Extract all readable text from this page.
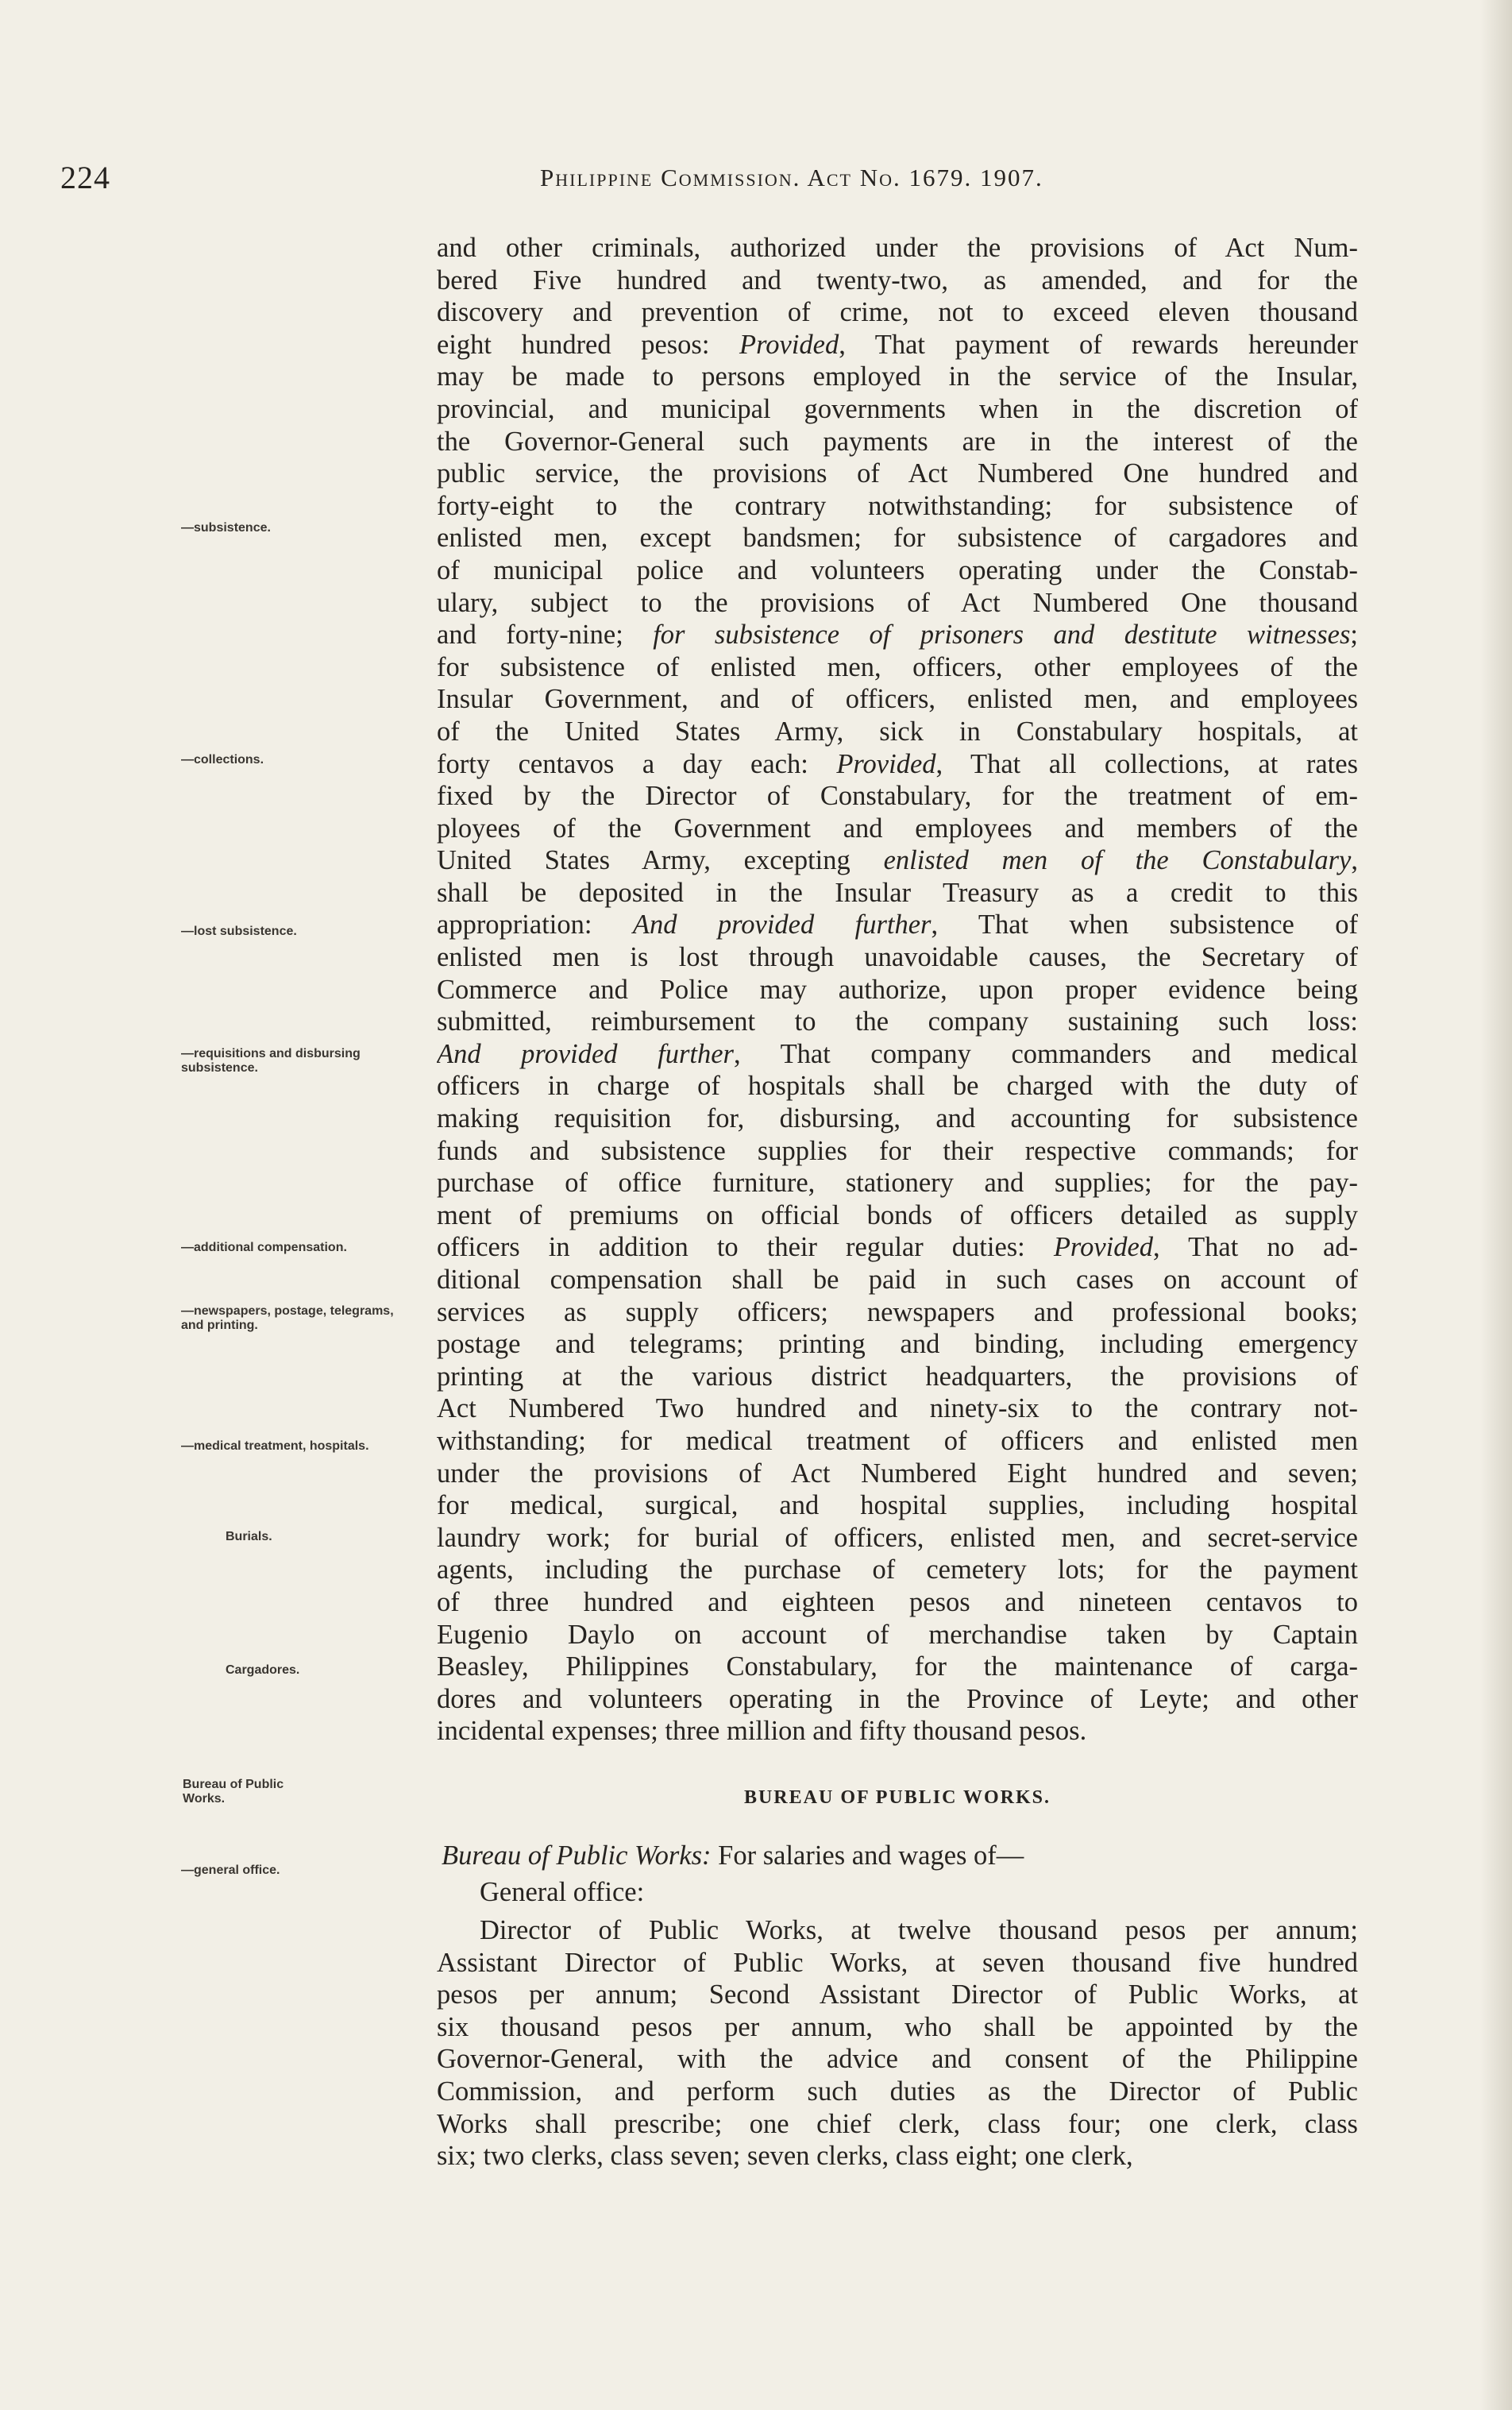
224	Philippine Commission. Act No. 1679. 1907.
and other criminals, authorized under the provisions of Act Num-
bered Five hundred and twenty-two, as amended, and for the
discovery and prevention of crime, not to exceed eleven thousand
eight hundred pesos: Provided, That payment of rewards hereunder
may be made to persons employed in the service of the Insular,
provincial, and municipal governments when in the discretion of
the Governor-General such payments are in the interest of the
public service, the provisions of Act Numbered One hundred and
forty-eight to the contrary notwithstanding; for subsistence of
enlisted men, except bandsmen; for subsistence of cargadores and
of municipal police and volunteers operating under the Constab-
ulary, subject to the provisions of Act Numbered One thousand
and forty-nine; for subsistence of prisoners and destitute witnesses;
for subsistence of enlisted men, officers, other employees of the
Insular Government, and of officers, enlisted men, and employees
of the United States Army, sick in Constabulary hospitals, at
forty centavos a day each: Provided, That all collections, at rates
fixed by the Director of Constabulary, for the treatment of em-
ployees of the Government and employees and members of the
United States Army, excepting enlisted men of the Constabulary,
shall be deposited in the Insular Treasury as a credit to this
appropriation: And provided further, That when subsistence of
enlisted men is lost through unavoidable causes, the Secretary of
Commerce and Police may authorize, upon proper evidence being
submitted, reimbursement to the company sustaining such loss:
And provided further, That company commanders and medical
officers in charge of hospitals shall be charged with the duty of
making requisition for, disbursing, and accounting for subsistence
funds and subsistence supplies for their respective commands; for
purchase of office furniture, stationery and supplies; for the pay-
ment of premiums on official bonds of officers detailed as supply
officers in addition to their regular duties: Provided, That no ad-
ditional compensation shall be paid in such cases on account of
services as supply officers; newspapers and professional books;
postage and telegrams; printing and binding, including emergency
printing at the various district headquarters, the provisions of
Act Numbered Two hundred and ninety-six to the contrary not-
withstanding; for medical treatment of officers and enlisted men
under the provisions of Act Numbered Eight hundred and seven;
for medical, surgical, and hospital supplies, including hospital
laundry work; for burial of officers, enlisted men, and secret-service
agents, including the purchase of cemetery lots; for the payment
of three hundred and eighteen pesos and nineteen centavos to
Eugenio Daylo on account of merchandise taken by Captain
Beasley, Philippines Constabulary, for the maintenance of carga-
dores and volunteers operating in the Province of Leyte; and other
incidental expenses; three million and fifty thousand pesos.
—subsistence.
—collections.
—lost subsistence.
—requisitions and disbursing subsistence.
—additional compensation.
—newspapers, postage, telegrams, and printing.
—medical treatment, hospitals.
Burials.
Cargadores.
Bureau of Public Works.
—general office.
BUREAU OF PUBLIC WORKS.
Bureau of Public Works: For salaries and wages of—
General office:
Director of Public Works, at twelve thousand pesos per annum;
Assistant Director of Public Works, at seven thousand five hundred
pesos per annum; Second Assistant Director of Public Works, at
six thousand pesos per annum, who shall be appointed by the
Governor-General, with the advice and consent of the Philippine
Commission, and perform such duties as the Director of Public
Works shall prescribe; one chief clerk, class four; one clerk, class
six; two clerks, class seven; seven clerks, class eight; one clerk,
